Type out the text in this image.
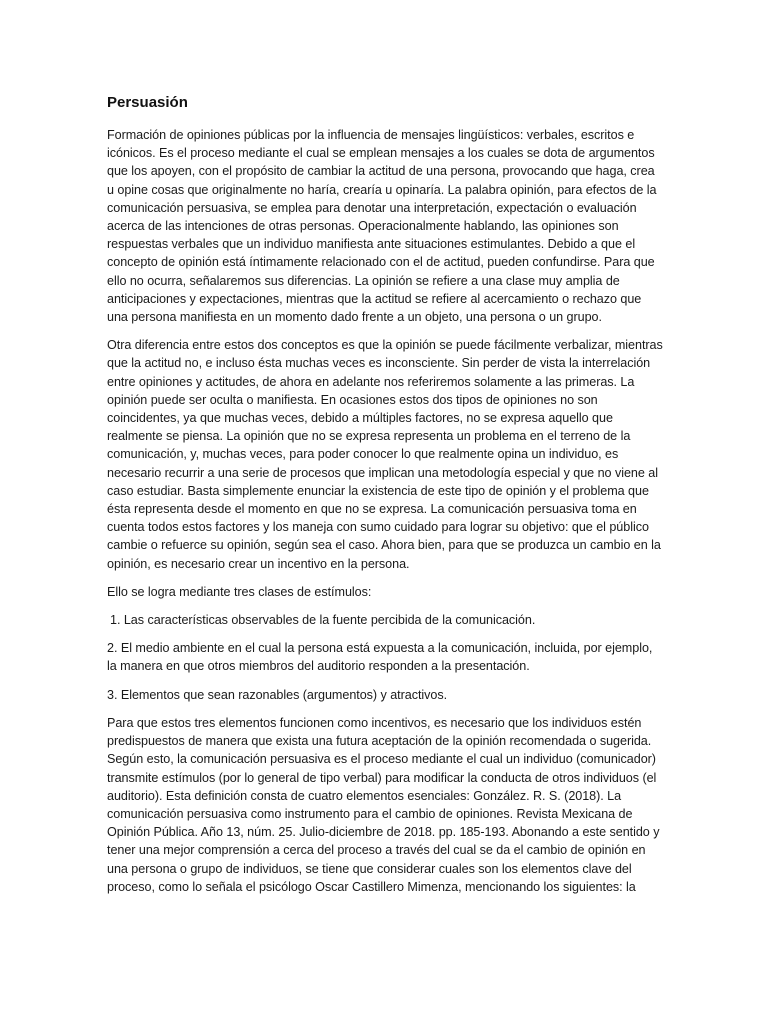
Persuasión

Formación de opiniones públicas por la influencia de mensajes lingüísticos: verbales, escritos e icónicos. Es el proceso mediante el cual se emplean mensajes a los cuales se dota de argumentos que los apoyen, con el propósito de cambiar la actitud de una persona, provocando que haga, crea u opine cosas que originalmente no haría, crearía u opinaría. La palabra opinión, para efectos de la comunicación persuasiva, se emplea para denotar una interpretación, expectación o evaluación acerca de las intenciones de otras personas. Operacionalmente hablando, las opiniones son respuestas verbales que un individuo manifiesta ante situaciones estimulantes. Debido a que el concepto de opinión está íntimamente relacionado con el de actitud, pueden confundirse. Para que ello no ocurra, señalaremos sus diferencias. La opinión se refiere a una clase muy amplia de anticipaciones y expectaciones, mientras que la actitud se refiere al acercamiento o rechazo que una persona manifiesta en un momento dado frente a un objeto, una persona o un grupo.

Otra diferencia entre estos dos conceptos es que la opinión se puede fácilmente verbalizar, mientras que la actitud no, e incluso ésta muchas veces es inconsciente. Sin perder de vista la interrelación entre opiniones y actitudes, de ahora en adelante nos referiremos solamente a las primeras. La opinión puede ser oculta o manifiesta. En ocasiones estos dos tipos de opiniones no son coincidentes, ya que muchas veces, debido a múltiples factores, no se expresa aquello que realmente se piensa. La opinión que no se expresa representa un problema en el terreno de la comunicación, y, muchas veces, para poder conocer lo que realmente opina un individuo, es necesario recurrir a una serie de procesos que implican una metodología especial y que no viene al caso estudiar. Basta simplemente enunciar la existencia de este tipo de opinión y el problema que ésta representa desde el momento en que no se expresa. La comunicación persuasiva toma en cuenta todos estos factores y los maneja con sumo cuidado para lograr su objetivo: que el público cambie o refuerce su opinión, según sea el caso. Ahora bien, para que se produzca un cambio en la opinión, es necesario crear un incentivo en la persona.

Ello se logra mediante tres clases de estímulos:

1. Las características observables de la fuente percibida de la comunicación.

2. El medio ambiente en el cual la persona está expuesta a la comunicación, incluida, por ejemplo, la manera en que otros miembros del auditorio responden a la presentación.

3. Elementos que sean razonables (argumentos) y atractivos.

Para que estos tres elementos funcionen como incentivos, es necesario que los individuos estén predispuestos de manera que exista una futura aceptación de la opinión recomendada o sugerida. Según esto, la comunicación persuasiva es el proceso mediante el cual un individuo (comunicador) transmite estímulos (por lo general de tipo verbal) para modificar la conducta de otros individuos (el auditorio). Esta definición consta de cuatro elementos esenciales: González. R. S. (2018). La comunicación persuasiva como instrumento para el cambio de opiniones. Revista Mexicana de Opinión Pública. Año 13, núm. 25. Julio-diciembre de 2018. pp. 185-193. Abonando a este sentido y tener una mejor comprensión a cerca del proceso a través del cual se da el cambio de opinión en una persona o grupo de individuos, se tiene que considerar cuales son los elementos clave del proceso, como lo señala el psicólogo Oscar Castillero Mimenza, mencionando los siguientes: la
